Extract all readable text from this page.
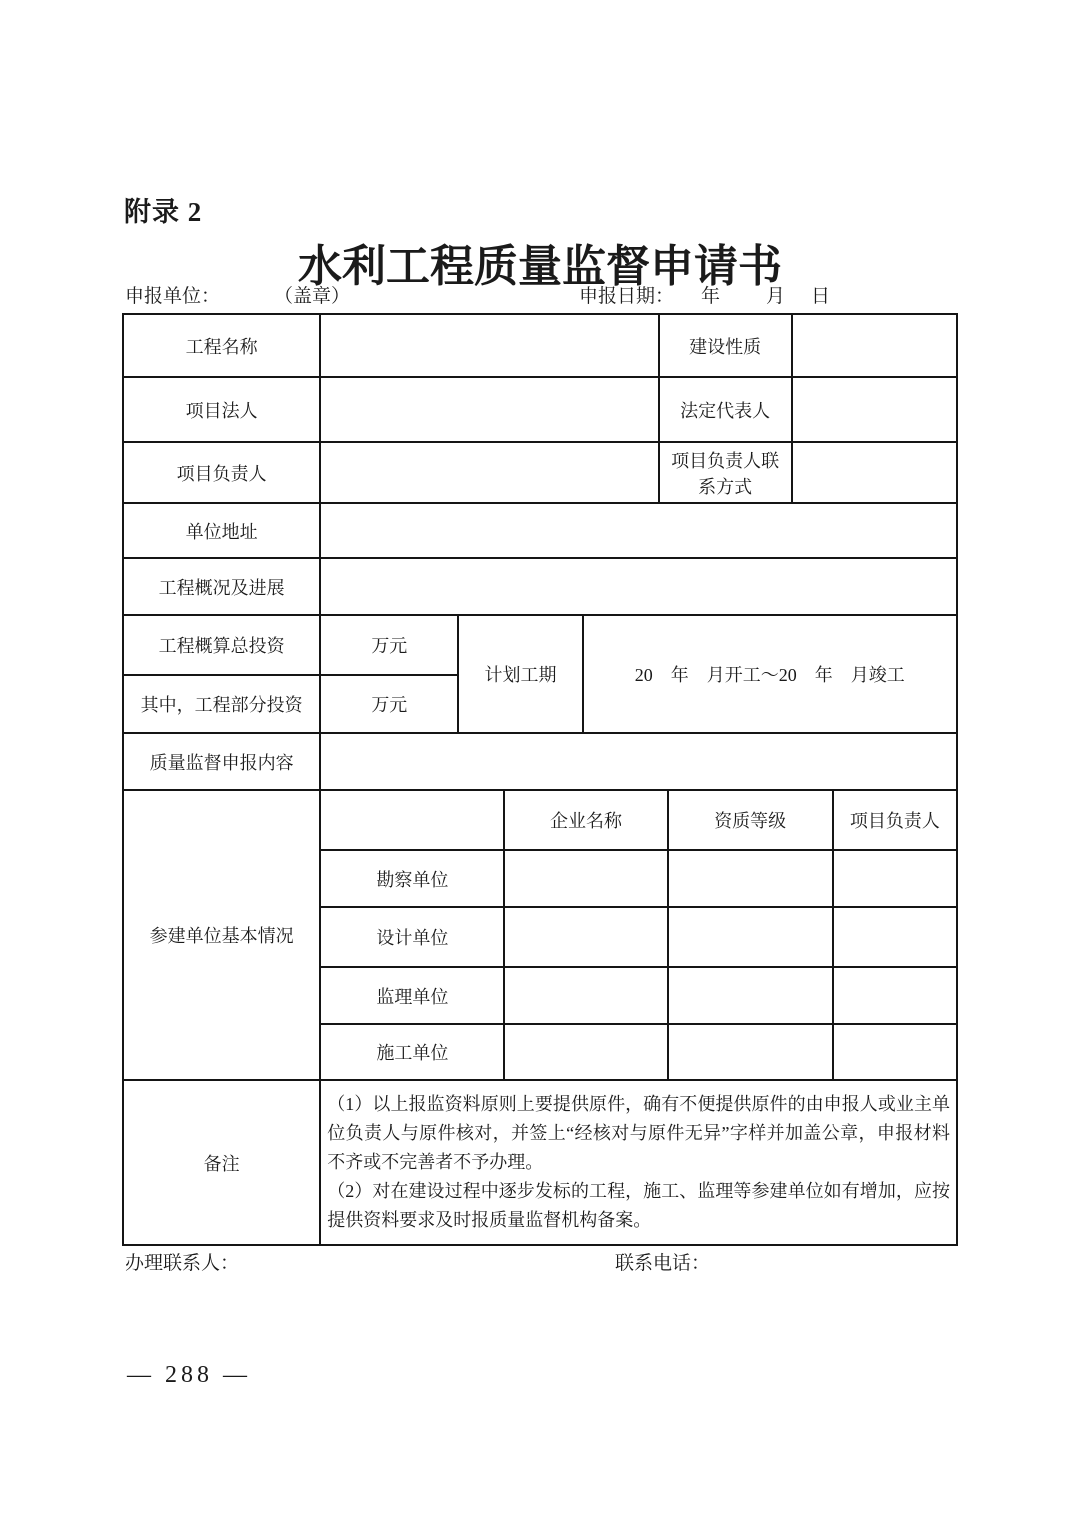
附录 2
水利工程质量监督申请书
申报单位：	（盖章）	申报日期： 年 月 日
工程名称					建设性质			
项目法人					法定代表人			
项目负责人					项目负责人联系方式			
单位地址								
工程概况及进展								
工程概算总投资	万元	计划工期		20　年　月开工～20　年　月竣工				
其中，工程部分投资	万元							
质量监督申报内容								
参建单位基本情况			企业名称			资质等级		项目负责人
	勘察单位							
	设计单位							
	监理单位							
	施工单位							
备注	（1）以上报监资料原则上要提供原件，确有不便提供原件的由申报人或业主单位负责人与原件核对，并签上“经核对与原件无异”字样并加盖公章，申报材料不齐或不完善者不予办理。

（2）对在建设过程中逐步发标的工程，施工、监理等参建单位如有增加，应按提供资料要求及时报质量监督机构备案。							

办理联系人：	联系电话：
— 288 —
